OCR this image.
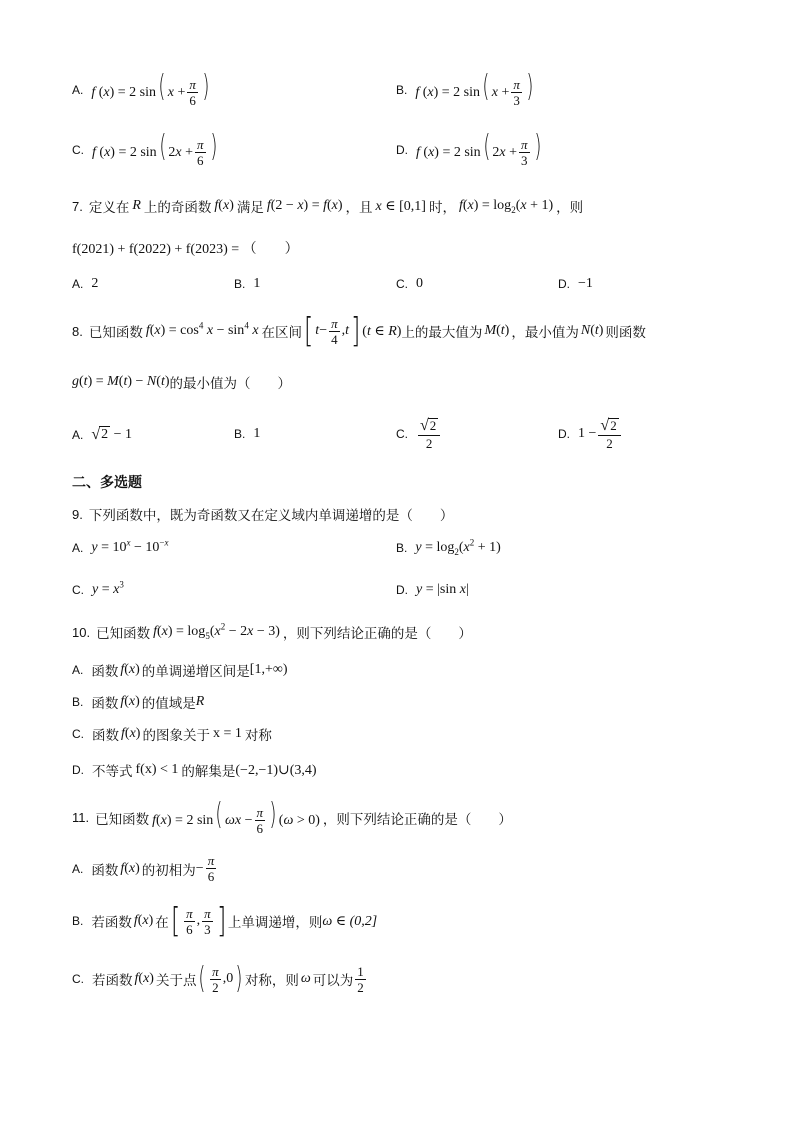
A. f (x) = 2 sin( $x + \frac{\pi}{6}$ )	B. f (x) = 2 sin( $x + \frac{\pi}{3}$ )
C. f (x) = 2 sin( $2x + \frac{\pi}{6}$ )	D. f (x) = 2 sin( $2x + \frac{\pi}{3}$ )
7. 定义在 R 上的奇函数 f(x) 满足 f(2 − x) = f(x) ，且 x ∈ [0,1] 时， $f(x) = \log_2(x + 1)$ ，则
f(2021) + f(2022) + f(2023) = （　　）
A. 2	B. 1	C. 0	D. −1
8. 已知函数 $f(x) = \cos^4 x - \sin^4 x$ 在区间 [ $t - \frac{\pi}{4}$ , t ] (t ∈ R) 上的最大值为 M(t) ，最小值为 N(t) 则函数
g(t) = M(t) − N(t) 的最小值为（　　）
A. √ 2 − 1	B. 1	C. $\frac{√ 2}{2}$	D. $1 - \frac{√ 2}{2}$
二、多选题
9. 下列函数中，既为奇函数又在定义域内单调递增的是（　　）
A. $y = 10^x - 10^{-x}$	B. $y = \log_2(x^2 + 1)$
C. $y = x^3$	D. y = |sin x|
10. 已知函数 $f(x) = \log_5(x^2 - 2x - 3)$ ，则下列结论正确的是（　　）
A. 函数 f(x) 的单调递增区间是 [1,+∞)
B. 函数 f(x) 的值域是 R
C. 函数 f(x) 的图象关于 x = 1 对称
D. 不等式 f(x) < 1 的解集是 (−2,−1)∪(3,4)
11. 已知函数 f(x) = 2 sin( $\omega x - \frac{\pi}{6}$ ) (ω > 0) ，则下列结论正确的是（　　）
A. 函数 f(x) 的初相为 − $\frac{\pi}{6}$
B. 若函数 f(x) 在 [ $\frac{\pi}{6}$ , $\frac{\pi}{3}$ ] 上单调递增，则 ω ∈ (0,2]
C. 若函数 f(x) 关于点 ( $\frac{\pi}{2} ,0$ ) 对称，则 ω 可以为 $\frac{1}{2}$
